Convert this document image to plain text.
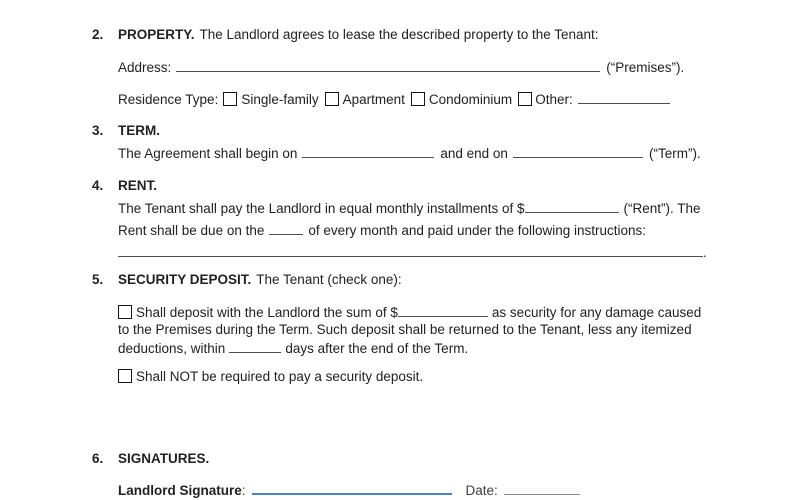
2. PROPERTY. The Landlord agrees to lease the described property to the Tenant:
Address:	(“Premises”).
Residence Type: Single-family Apartment Condominium Other:
3. TERM.
The Agreement shall begin on	and end on	(“Term”).
4. RENT.
The Tenant shall pay the Landlord in equal monthly installments of $	(“Rent”). The
Rent shall be due on the	of every month and paid under the following instructions:
.
5. SECURITY DEPOSIT. The Tenant (check one):
Shall deposit with the Landlord the sum of $	as security for any damage caused to the Premises during the Term. Such deposit shall be returned to the Tenant, less any itemized deductions, within	days after the end of the Term.
Shall NOT be required to pay a security deposit.
6. SIGNATURES.
Landlord Signature:	Date:
